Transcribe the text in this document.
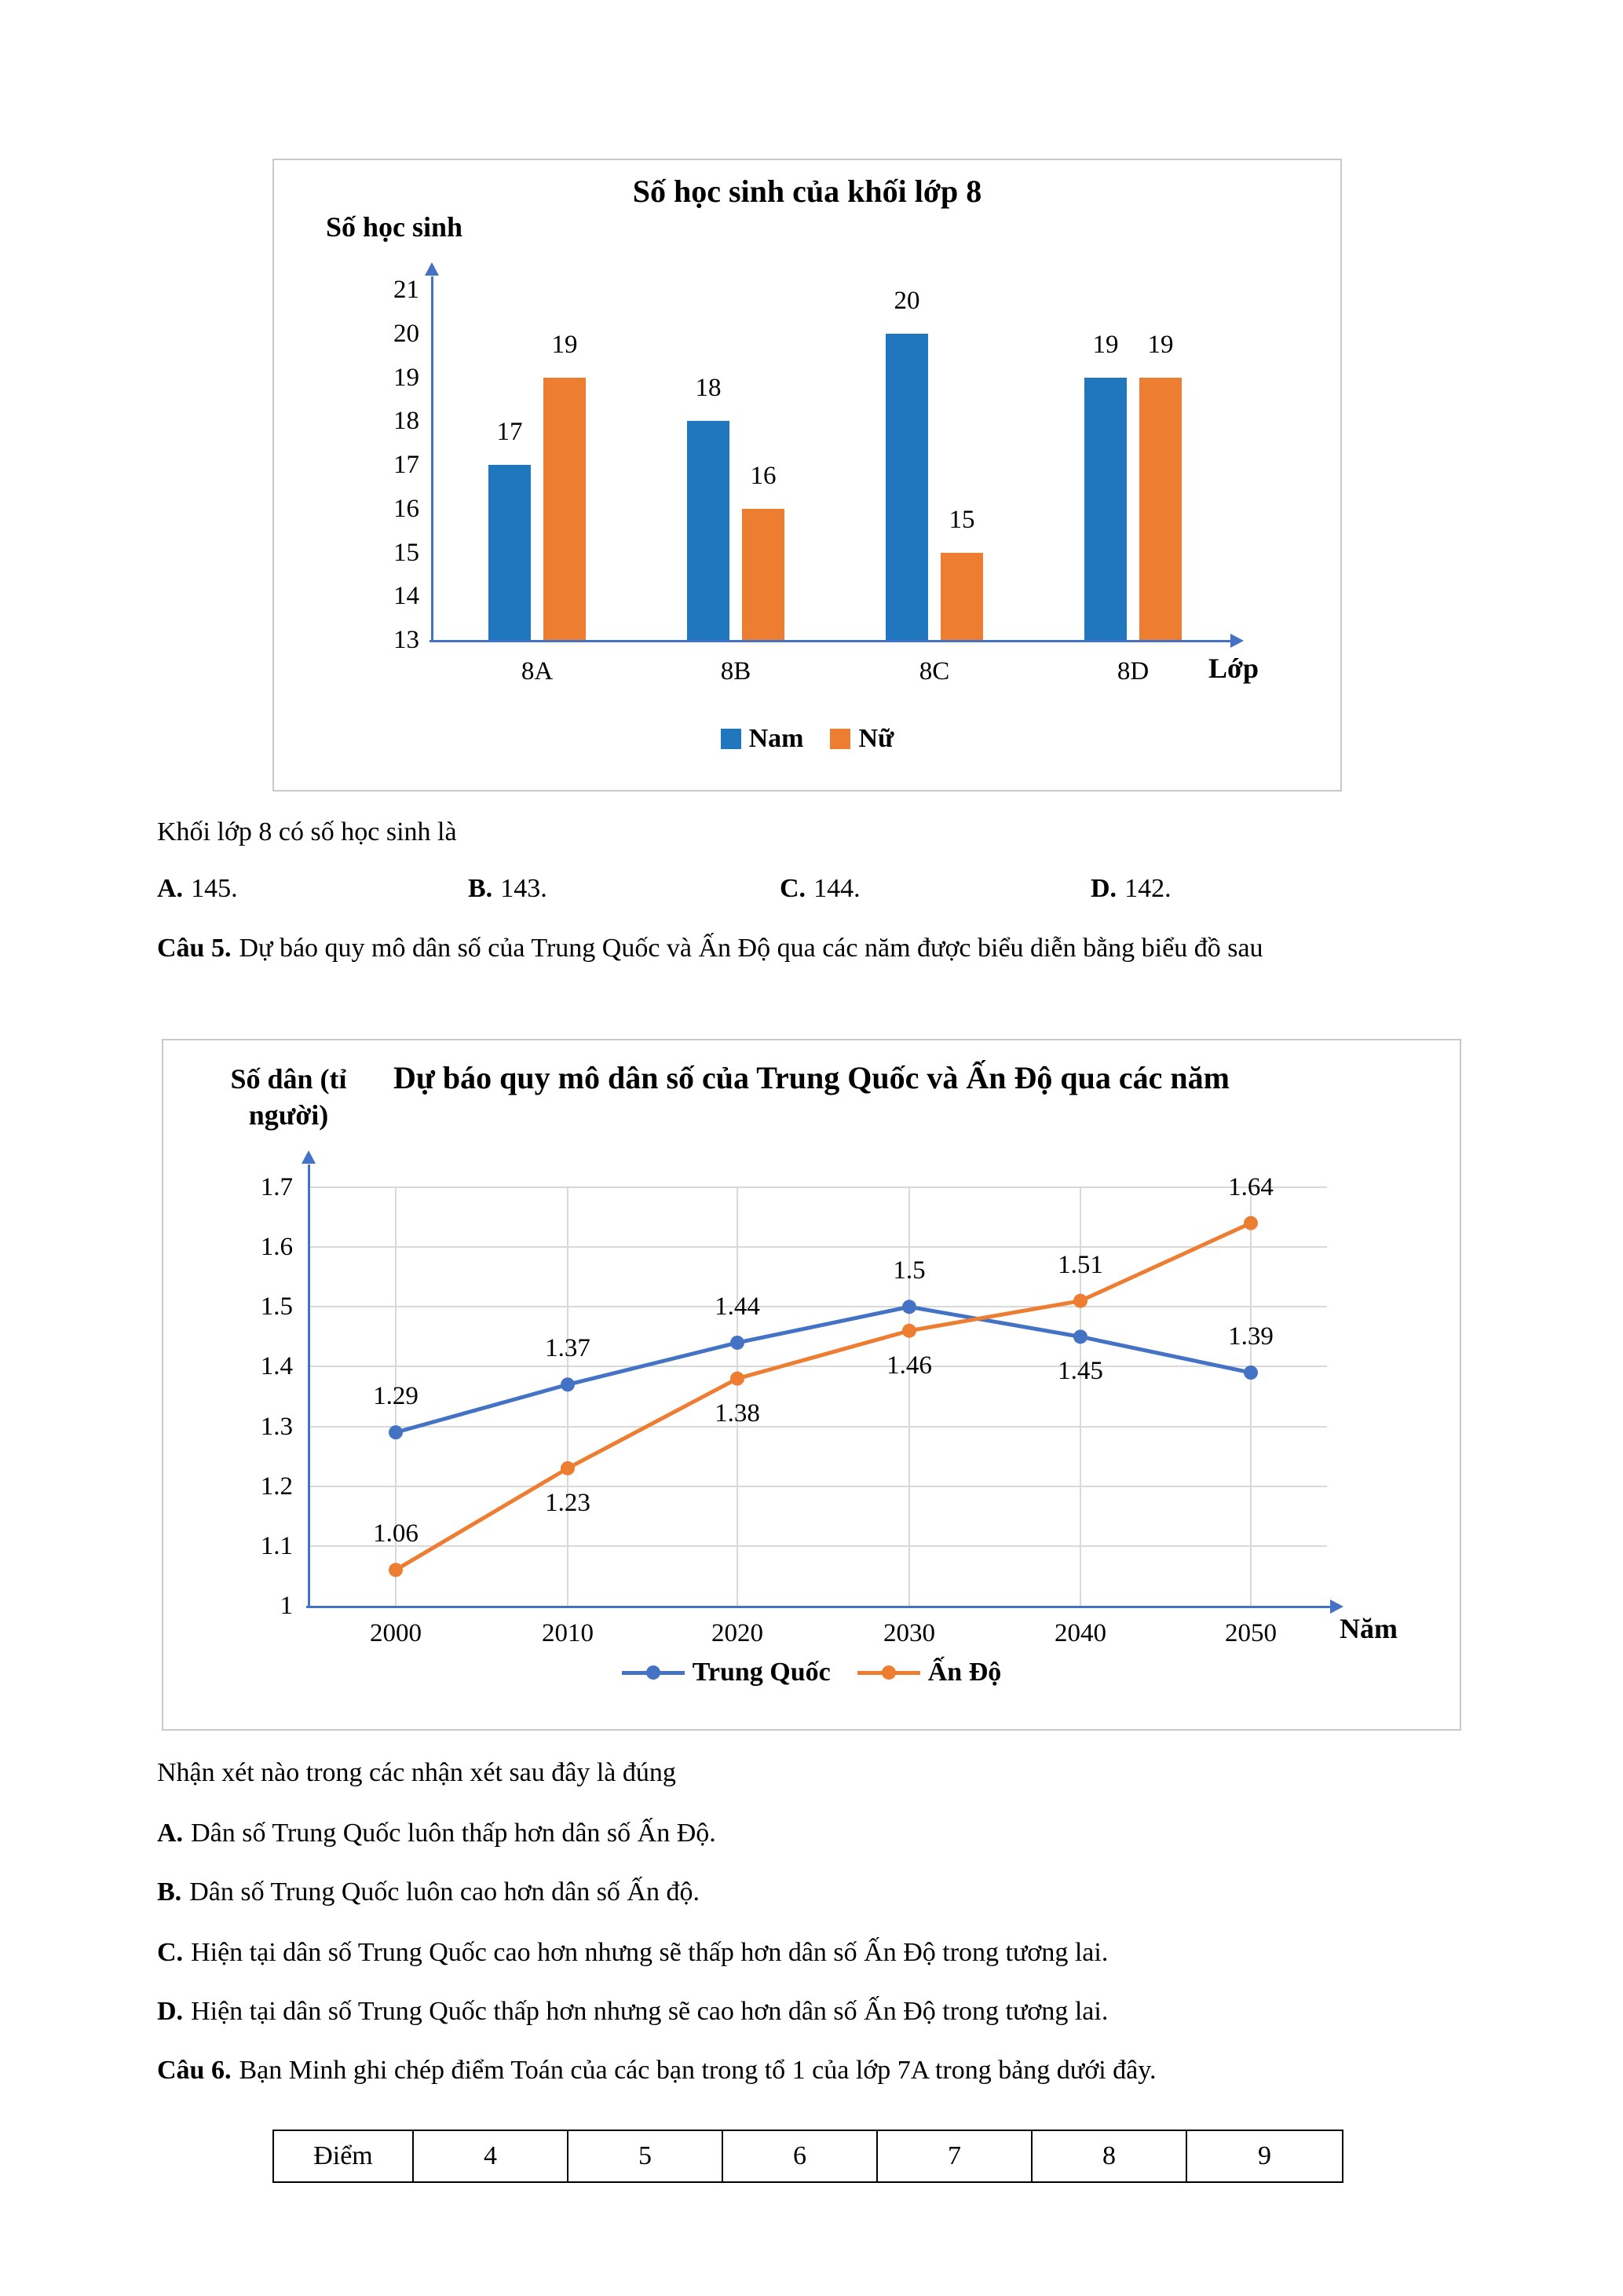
Số học sinh của khối lớp 8
Số học sinh
21
20
19
18
17
16
15
14
13
17
19
8A
18
16
8B
20
15
8C
19	19
8D	Lớp
Nam Nữ
Khối lớp 8 có số học sinh là
A. 145.	B. 143.	C. 144.	D. 142.
Câu 5. Dự báo quy mô dân số của Trung Quốc và Ấn Độ qua các năm được biểu diễn bằng biểu đồ sau
Dự báo quy mô dân số của Trung Quốc và Ấn Độ qua các năm
Số dân (tỉ người)
1.7
1.6
1.5
1.4
1.3
1.2
1.1
1
2000	2010	2020	2030	2040	2050	Năm
1.29
1.37
1.44
1.5
1.45
1.39
1.06
1.23
1.38
1.46
1.51
1.64
Trung Quốc	Ấn Độ
Nhận xét nào trong các nhận xét sau đây là đúng
A. Dân số Trung Quốc luôn thấp hơn dân số Ấn Độ.
B. Dân số Trung Quốc luôn cao hơn dân số Ấn độ.
C. Hiện tại dân số Trung Quốc cao hơn nhưng sẽ thấp hơn dân số Ấn Độ trong tương lai.
D. Hiện tại dân số Trung Quốc thấp hơn nhưng sẽ cao hơn dân số Ấn Độ trong tương lai.
Câu 6. Bạn Minh ghi chép điểm Toán của các bạn trong tổ 1 của lớp 7A trong bảng dưới đây.
Điểm	4	5	6	7	8	9
